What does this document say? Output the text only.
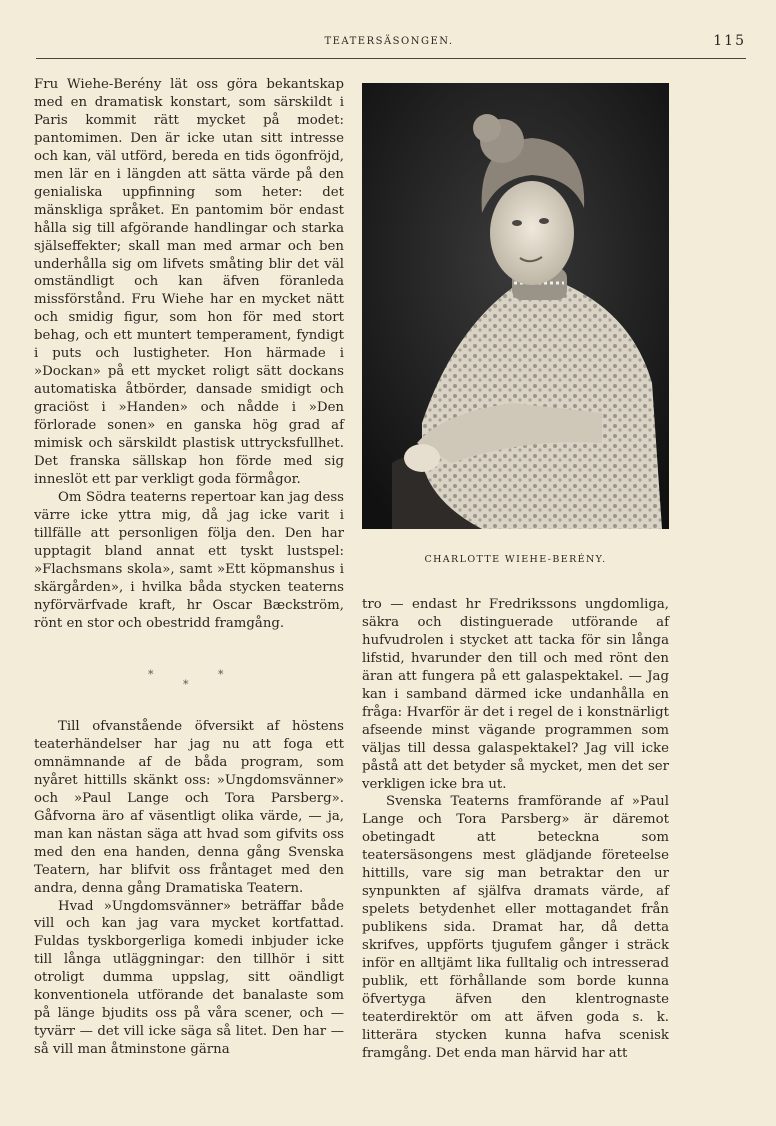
TEATERSÄSONGEN.	115

Fru Wiehe-Berény lät oss göra bekantskap med en dramatisk konstart, som särskildt i Paris kommit rätt mycket på modet: pantomimen. Den är icke utan sitt intresse och kan, väl utförd, bereda en tids ögonfröjd, men lär en i längden att sätta värde på den genialiska uppfinning som heter: det mänskliga språket. En pantomim bör endast hålla sig till afgörande handlingar och starka själseffekter; skall man med armar och ben underhålla sig om lifvets småting blir det väl omständligt och kan äfven föranleda missförstånd. Fru Wiehe har en mycket nätt och smidig figur, som hon för med stort behag, och ett muntert temperament, fyndigt i puts och lustigheter. Hon härmade i »Dockan» på ett mycket roligt sätt dockans automatiska åtbörder, dansade smidigt och graciöst i »Handen» och nådde i »Den förlorade sonen» en ganska hög grad af mimisk och särskildt plastisk uttrycksfullhet. Det franska sällskap hon förde med sig inneslöt ett par verkligt goda förmågor.

Om Södra teaterns repertoar kan jag dess värre icke yttra mig, då jag icke varit i tillfälle att personligen följa den. Den har upptagit bland annat ett tyskt lustspel: »Flachsmans skola», samt »Ett köpmanshus i skärgården», i hvilka båda stycken teaterns nyförvärfvade kraft, hr Oscar Bæckström, rönt en stor och obestridd framgång.

*	*
*

Till ofvanstående öfversikt af höstens teaterhändelser har jag nu att foga ett omnämnande af de båda program, som nyåret hittills skänkt oss: »Ungdomsvänner» och »Paul Lange och Tora Parsberg». Gåfvorna äro af väsentligt olika värde, — ja, man kan nästan säga att hvad som gifvits oss med den ena handen, denna gång Svenska Teatern, har blifvit oss fråntaget med den andra, denna gång Dramatiska Teatern.

Hvad »Ungdomsvänner» beträffar både vill och kan jag vara mycket kortfattad. Fuldas tyskborgerliga komedi inbjuder icke till långa utläggningar: den tillhör i sitt otroligt dumma uppslag, sitt oändligt konventionela utförande det banalaste som på länge bjudits oss på våra scener, och — tyvärr — det vill icke säga så litet. Den har — så vill man åtminstone gärna

CHARLOTTE WIEHE-BERÉNY.

tro — endast hr Fredrikssons ungdomliga, säkra och distinguerade utförande af hufvudrolen i stycket att tacka för sin långa lifstid, hvarunder den till och med rönt den äran att fungera på ett galaspektakel. — Jag kan i samband därmed icke undanhålla en fråga: Hvarför är det i regel de i konstnärligt afseende minst vägande programmen som väljas till dessa galaspektakel? Jag vill icke påstå att det betyder så mycket, men det ser verkligen icke bra ut.

Svenska Teaterns framförande af »Paul Lange och Tora Parsberg» är däremot obetingadt att beteckna som teatersäsongens mest glädjande företeelse hittills, vare sig man betraktar den ur synpunkten af själfva dramats värde, af spelets betydenhet eller mottagandet från publikens sida. Dramat har, då detta skrifves, uppförts tjugufem gånger i sträck inför en alltjämt lika fulltalig och intresserad publik, ett förhållande som borde kunna öfvertyga äfven den klentrognaste teaterdirektör om att äfven goda s. k. litterära stycken kunna hafva scenisk framgång. Det enda man härvid har att
